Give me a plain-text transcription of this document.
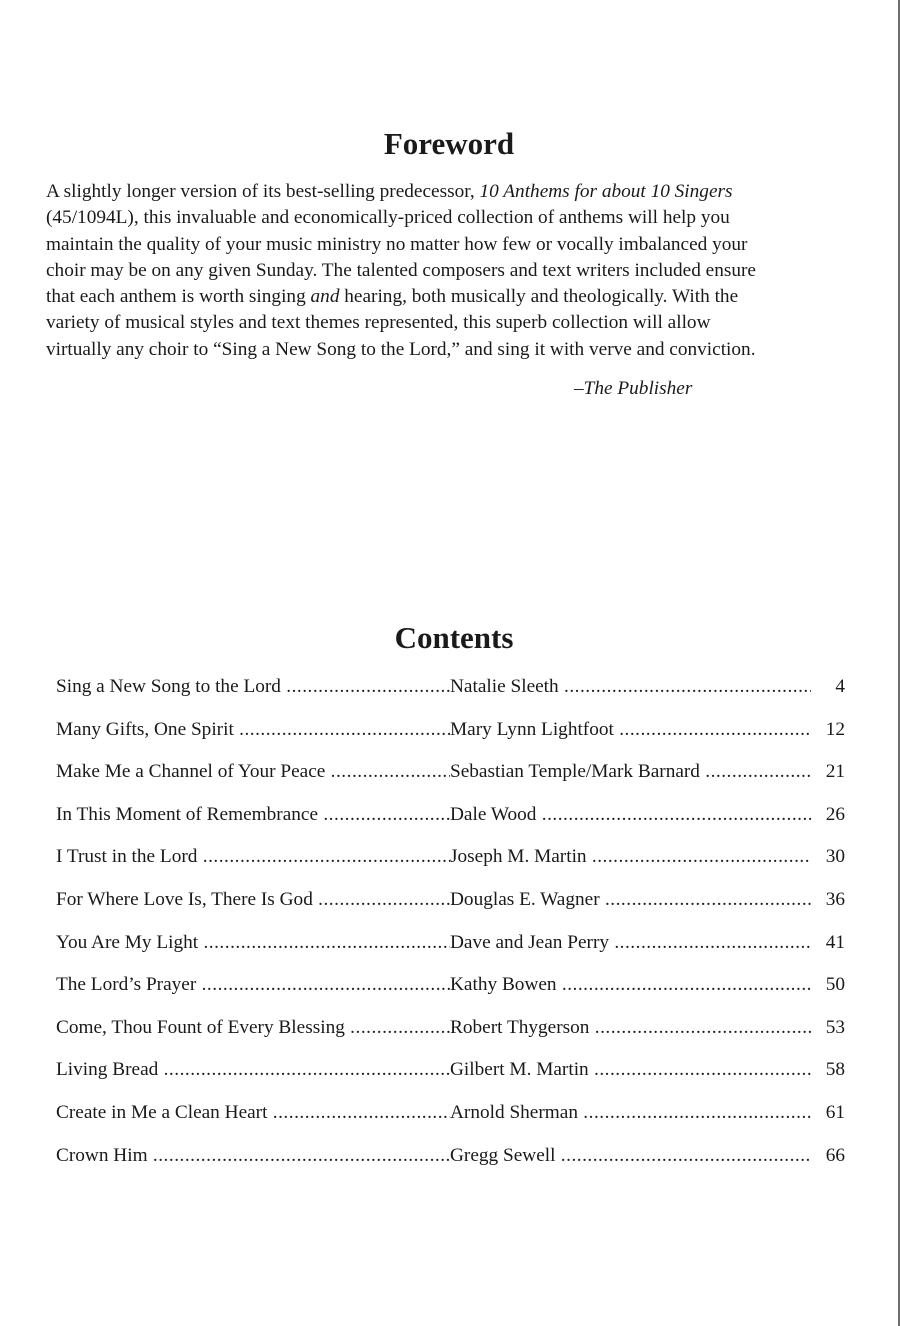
Foreword

A slightly longer version of its best-selling predecessor, 10 Anthems for about 10 Singers
(45/1094L), this invaluable and economically-priced collection of anthems will help you
maintain the quality of your music ministry no matter how few or vocally imbalanced your
choir may be on any given Sunday. The talented composers and text writers included ensure
that each anthem is worth singing and hearing, both musically and theologically. With the
variety of musical styles and text themes represented, this superb collection will allow
virtually any choir to “Sing a New Song to the Lord,” and sing it with verve and conviction.

–The Publisher
Contents
Sing a New Song to the Lord .....	Natalie Sleeth .....	4
Many Gifts, One Spirit .....	Mary Lynn Lightfoot .....	12
Make Me a Channel of Your Peace .....	Sebastian Temple/Mark Barnard .....	21
In This Moment of Remembrance .....	Dale Wood .....	26
I Trust in the Lord .....	Joseph M. Martin .....	30
For Where Love Is, There Is God .....	Douglas E. Wagner .....	36
You Are My Light .....	Dave and Jean Perry .....	41
The Lord’s Prayer .....	Kathy Bowen .....	50
Come, Thou Fount of Every Blessing .....	Robert Thygerson .....	53
Living Bread .....	Gilbert M. Martin .....	58
Create in Me a Clean Heart .....	Arnold Sherman .....	61
Crown Him .....	Gregg Sewell .....	66
